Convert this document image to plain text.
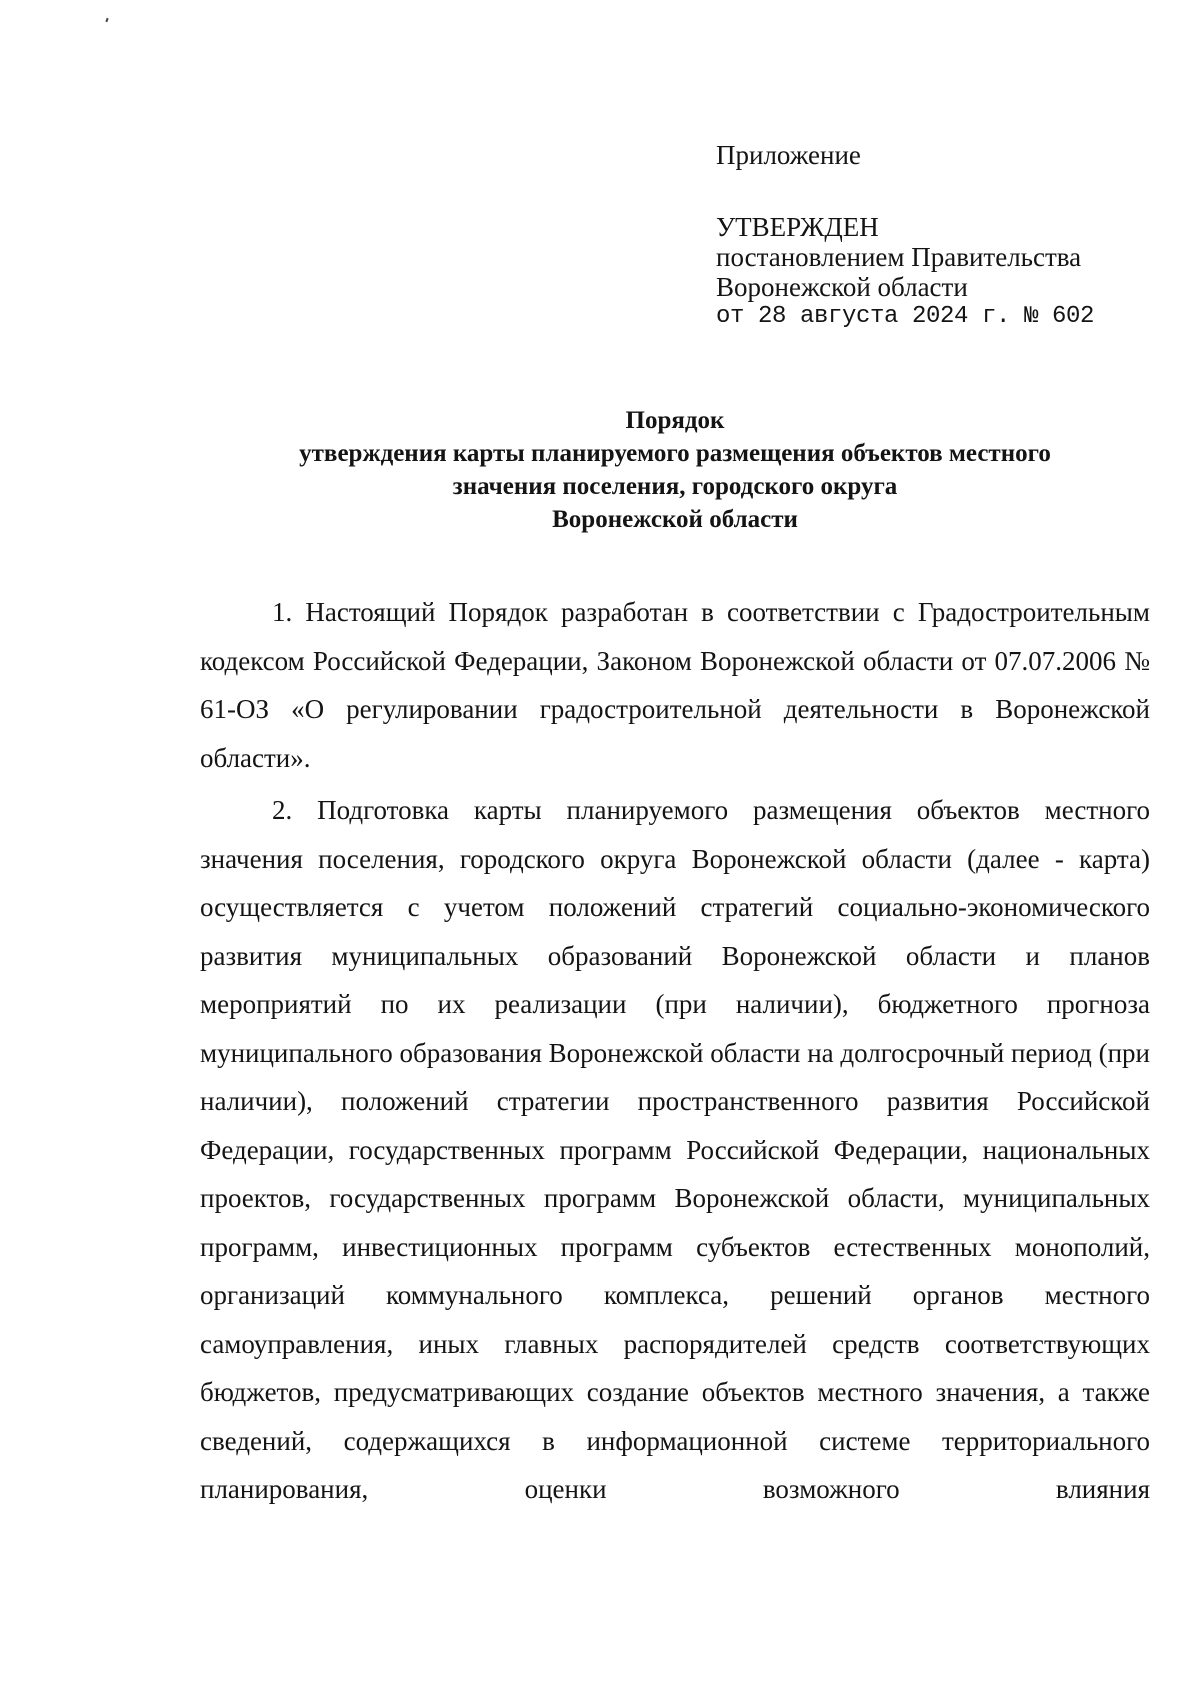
Приложение
УТВЕРЖДЕН
постановлением Правительства
Воронежской области
от 28 августа 2024 г. № 602
Порядок
утверждения карты планируемого размещения объектов местного
значения поселения, городского округа
Воронежской области

1. Настоящий Порядок разработан в соответствии с Градостроительным кодексом Российской Федерации, Законом Воронежской области от 07.07.2006 № 61-ОЗ «О регулировании градостроительной деятельности в Воронежской области».

2. Подготовка карты планируемого размещения объектов местного значения поселения, городского округа Воронежской области (далее - карта) осуществляется с учетом положений стратегий социально-экономического развития муниципальных образований Воронежской области и планов мероприятий по их реализации (при наличии), бюджетного прогноза муниципального образования Воронежской области на долгосрочный период (при наличии), положений стратегии пространственного развития Российской Федерации, государственных программ Российской Федерации, национальных проектов, государственных программ Воронежской области, муниципальных программ, инвестиционных программ субъектов естественных монополий, организаций коммунального комплекса, решений органов местного самоуправления, иных главных распорядителей средств соответствующих бюджетов, предусматривающих создание объектов местного значения, а также сведений, содержащихся в информационной системе территориального планирования, оценки возможного влияния
